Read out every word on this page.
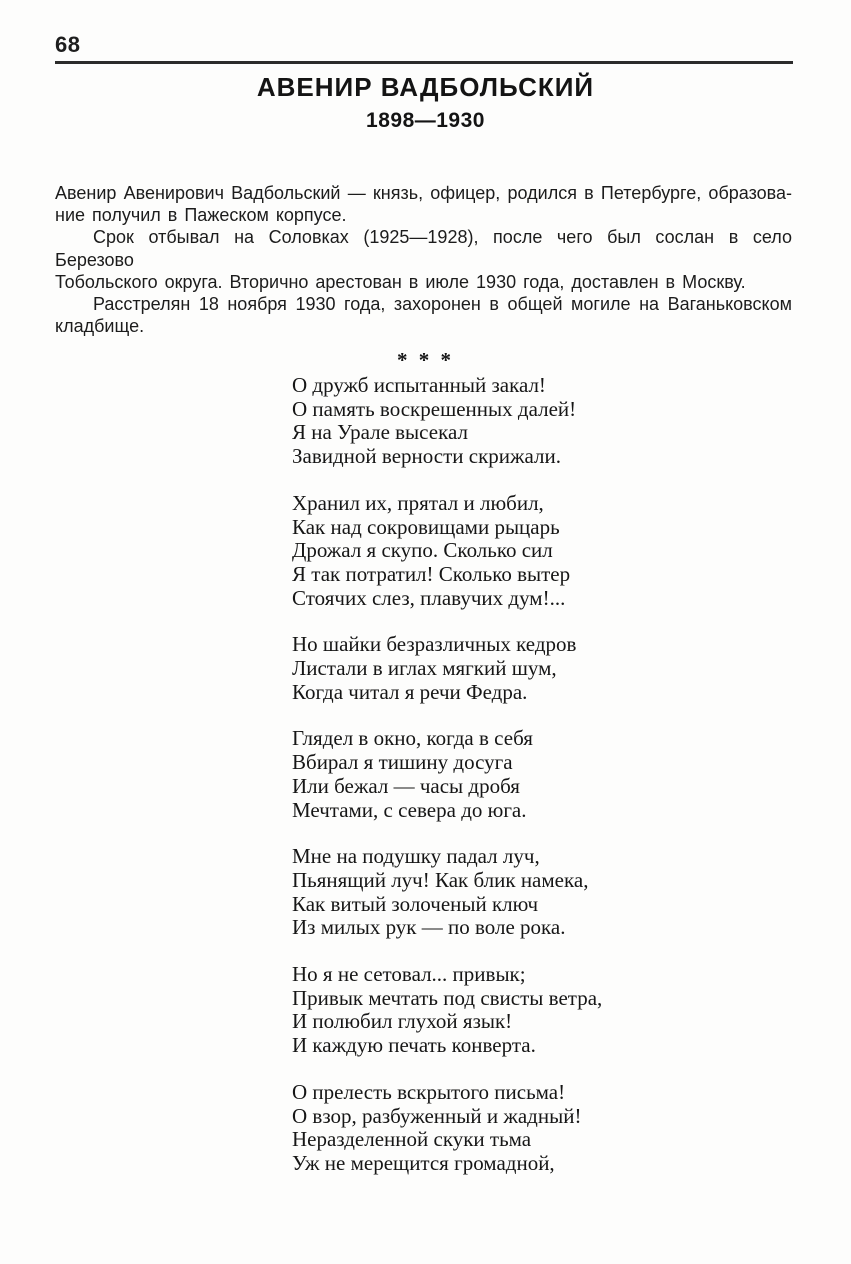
68
АВЕНИР ВАДБОЛЬСКИЙ
1898—1930
Авенир Авенирович Вадбольский — князь, офицер, родился в Петербурге, образова-
ние получил в Пажеском корпусе.
Срок отбывал на Соловках (1925—1928), после чего был сослан в село Березово
Тобольского округа. Вторично арестован в июле 1930 года, доставлен в Москву.
Расстрелян 18 ноября 1930 года, захоронен в общей могиле на Ваганьковском
кладбище.
* * *
О дружб испытанный закал!
О память воскрешенных далей!
Я на Урале высекал
Завидной верности скрижали.
Хранил их, прятал и любил,
Как над сокровищами рыцарь
Дрожал я скупо. Сколько сил
Я так потратил! Сколько вытер
Стоячих слез, плавучих дум!...
Но шайки безразличных кедров
Листали в иглах мягкий шум,
Когда читал я речи Федра.
Глядел в окно, когда в себя
Вбирал я тишину досуга
Или бежал — часы дробя
Мечтами, с севера до юга.
Мне на подушку падал луч,
Пьянящий луч! Как блик намека,
Как витый золоченый ключ
Из милых рук — по воле рока.
Но я не сетовал... привык;
Привык мечтать под свисты ветра,
И полюбил глухой язык!
И каждую печать конверта.
О прелесть вскрытого письма!
О взор, разбуженный и жадный!
Неразделенной скуки тьма
Уж не мерещится громадной,
